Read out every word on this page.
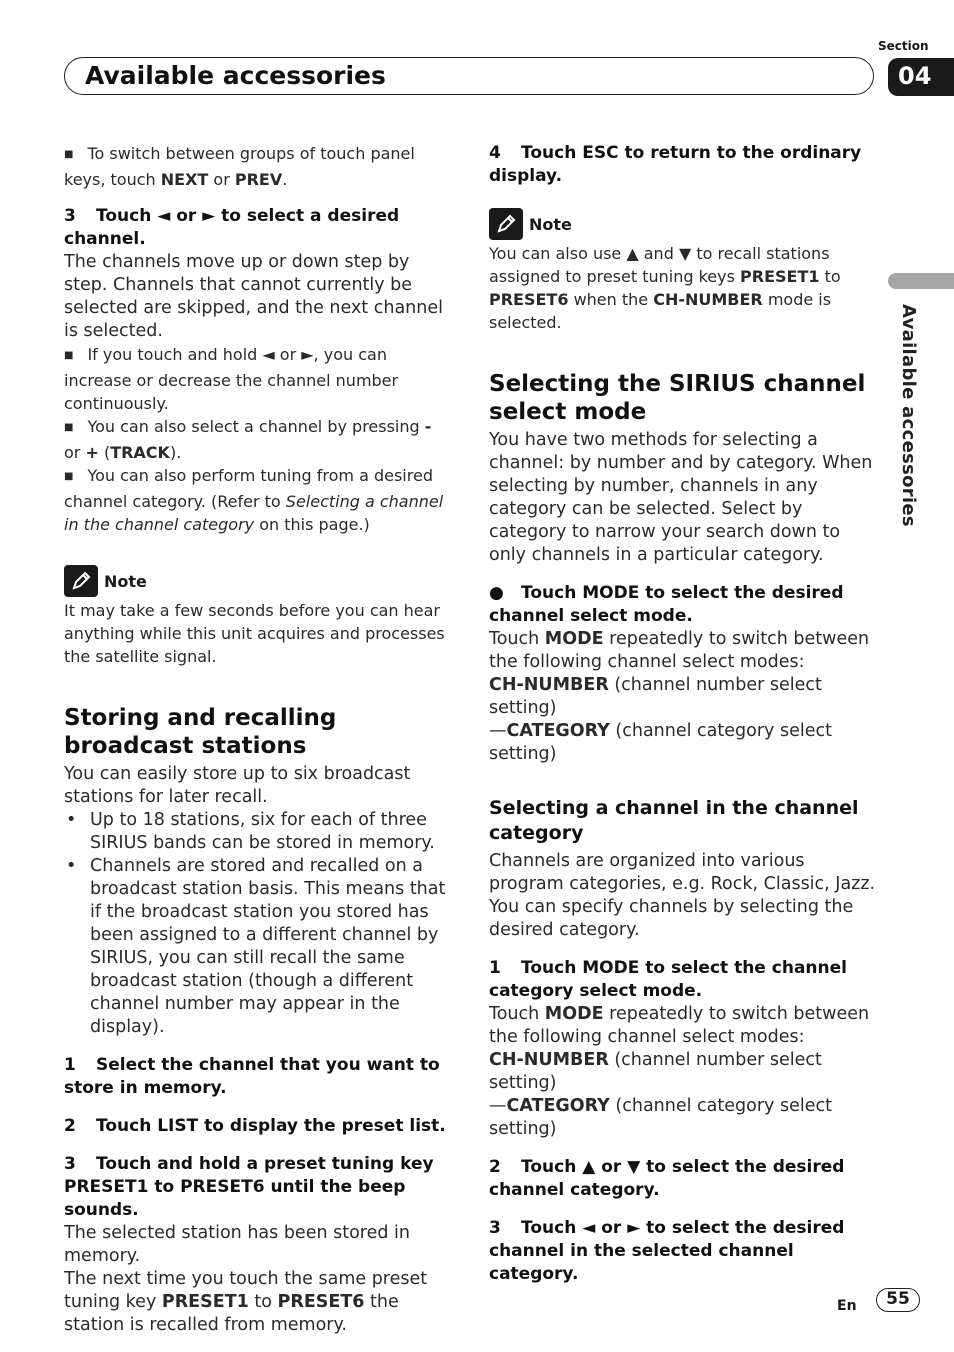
Available accessories
Section
04
Available accessories

■ To switch between groups of touch panel keys, touch NEXT or PREV.

3 Touch ◄ or ► to select a desired channel.

The channels move up or down step by step. Channels that cannot currently be selected are skipped, and the next channel is selected.

■ If you touch and hold ◄ or ►, you can increase or decrease the channel number continuously.

■ You can also select a channel by pressing - or + (TRACK).

■ You can also perform tuning from a desired channel category. (Refer to Selecting a channel in the channel category on this page.)

Note

It may take a few seconds before you can hear anything while this unit acquires and processes the satellite signal.

Storing and recalling broadcast stations

You can easily store up to six broadcast stations for later recall.

• Up to 18 stations, six for each of three SIRIUS bands can be stored in memory.
• Channels are stored and recalled on a broadcast station basis. This means that if the broadcast station you stored has been assigned to a different channel by SIRIUS, you can still recall the same broadcast station (though a different channel number may appear in the display).

1 Select the channel that you want to store in memory.

2 Touch LIST to display the preset list.

3 Touch and hold a preset tuning key PRESET1 to PRESET6 until the beep sounds.

The selected station has been stored in memory.

The next time you touch the same preset tuning key PRESET1 to PRESET6 the station is recalled from memory.

4 Touch ESC to return to the ordinary display.

Note

You can also use ▲ and ▼ to recall stations assigned to preset tuning keys PRESET1 to PRESET6 when the CH-NUMBER mode is selected.

Selecting the SIRIUS channel select mode

You have two methods for selecting a channel: by number and by category. When selecting by number, channels in any category can be selected. Select by category to narrow your search down to only channels in a particular category.

● Touch MODE to select the desired channel select mode.

Touch MODE repeatedly to switch between the following channel select modes:
CH-NUMBER (channel number select setting)
—CATEGORY (channel category select setting)

Selecting a channel in the channel category

Channels are organized into various program categories, e.g. Rock, Classic, Jazz. You can specify channels by selecting the desired category.

1 Touch MODE to select the channel category select mode.

Touch MODE repeatedly to switch between the following channel select modes:
CH-NUMBER (channel number select setting)
—CATEGORY (channel category select setting)

2 Touch ▲ or ▼ to select the desired channel category.

3 Touch ◄ or ► to select the desired channel in the selected channel category.

En	55
